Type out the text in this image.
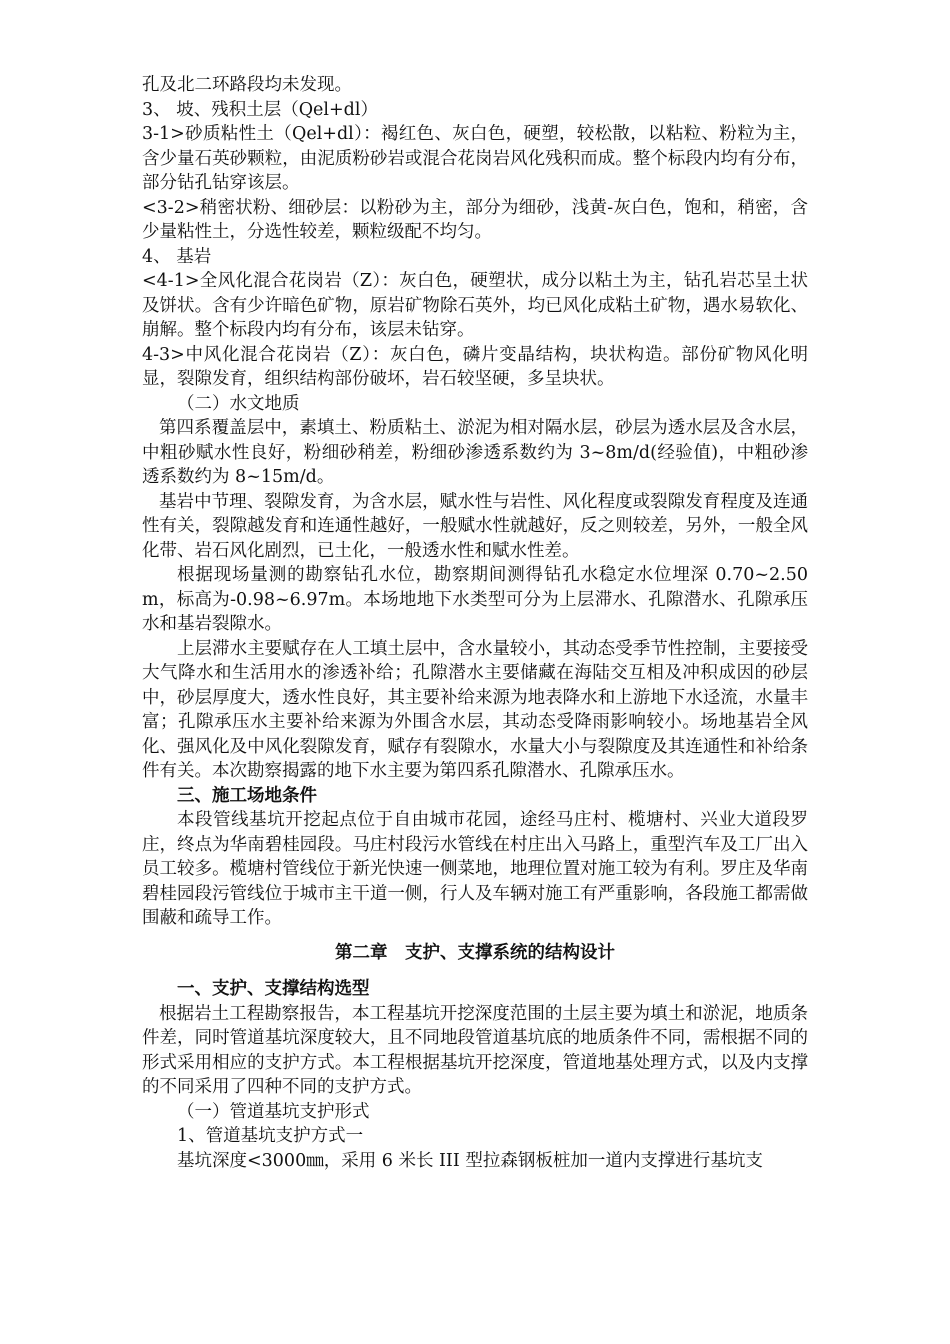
孔及北二环路段均未发现。

3、 坡、残积土层（Qel+dl）

3-1>砂质粘性土（Qel+dl）：褐红色、灰白色，硬塑，较松散，以粘粒、粉粒为主，含少量石英砂颗粒，由泥质粉砂岩或混合花岗岩风化残积而成。整个标段内均有分布，部分钻孔钻穿该层。

<3-2>稍密状粉、细砂层：以粉砂为主，部分为细砂，浅黄-灰白色，饱和，稍密，含少量粘性土，分选性较差，颗粒级配不均匀。

4、 基岩

<4-1>全风化混合花岗岩（Z）：灰白色，硬塑状，成分以粘土为主，钻孔岩芯呈土状及饼状。含有少许暗色矿物，原岩矿物除石英外，均已风化成粘土矿物，遇水易软化、崩解。整个标段内均有分布，该层未钻穿。

4-3>中风化混合花岗岩（Z）：灰白色，磷片变晶结构，块状构造。部份矿物风化明显，裂隙发育，组织结构部份破坏，岩石较坚硬，多呈块状。

（二）水文地质

第四系覆盖层中，素填土、粉质粘土、淤泥为相对隔水层，砂层为透水层及含水层，中粗砂赋水性良好，粉细砂稍差，粉细砂渗透系数约为 3~8m/d(经验值)，中粗砂渗透系数约为 8~15m/d。

基岩中节理、裂隙发育，为含水层，赋水性与岩性、风化程度或裂隙发育程度及连通性有关，裂隙越发育和连通性越好，一般赋水性就越好，反之则较差，另外，一般全风化带、岩石风化剧烈，已土化，一般透水性和赋水性差。

根据现场量测的勘察钻孔水位，勘察期间测得钻孔水稳定水位埋深 0.70~2.50m，标高为-0.98~6.97m。本场地地下水类型可分为上层滞水、孔隙潜水、孔隙承压水和基岩裂隙水。

上层滞水主要赋存在人工填土层中，含水量较小，其动态受季节性控制，主要接受大气降水和生活用水的渗透补给；孔隙潜水主要储藏在海陆交互相及冲积成因的砂层中，砂层厚度大，透水性良好，其主要补给来源为地表降水和上游地下水迳流，水量丰富；孔隙承压水主要补给来源为外围含水层，其动态受降雨影响较小。场地基岩全风化、强风化及中风化裂隙发育，赋存有裂隙水，水量大小与裂隙度及其连通性和补给条件有关。本次勘察揭露的地下水主要为第四系孔隙潜水、孔隙承压水。

三、施工场地条件

本段管线基坑开挖起点位于自由城市花园，途经马庄村、榄塘村、兴业大道段罗庄，终点为华南碧桂园段。马庄村段污水管线在村庄出入马路上，重型汽车及工厂出入员工较多。榄塘村管线位于新光快速一侧菜地，地理位置对施工较为有利。罗庄及华南碧桂园段污管线位于城市主干道一侧，行人及车辆对施工有严重影响，各段施工都需做围蔽和疏导工作。

第二章　支护、支撑系统的结构设计

一、支护、支撑结构选型

根据岩土工程勘察报告，本工程基坑开挖深度范围的土层主要为填土和淤泥，地质条件差，同时管道基坑深度较大，且不同地段管道基坑底的地质条件不同，需根据不同的形式采用相应的支护方式。本工程根据基坑开挖深度，管道地基处理方式，以及内支撑的不同采用了四种不同的支护方式。

（一）管道基坑支护形式

1、管道基坑支护方式一

基坑深度<3000㎜，采用 6 米长 III 型拉森钢板桩加一道内支撑进行基坑支
